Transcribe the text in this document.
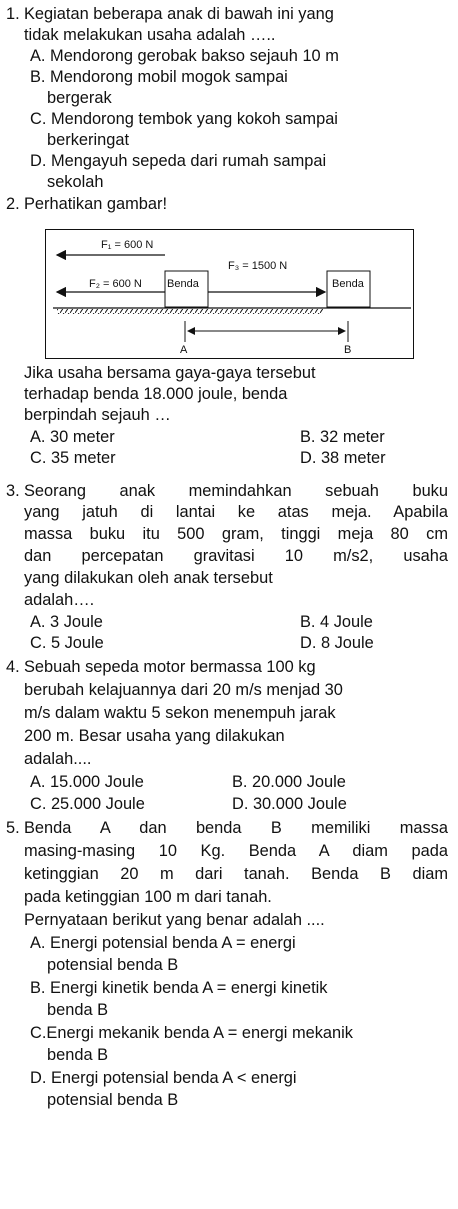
1. Kegiatan beberapa anak di bawah ini yang
tidak melakukan usaha adalah …..
A. Mendorong gerobak bakso sejauh 10 m
B. Mendorong mobil mogok sampai
bergerak
C. Mendorong tembok yang kokoh sampai
berkeringat
D. Mengayuh sepeda dari rumah sampai
sekolah
2. Perhatikan gambar!
F₁ = 600 N
F₂ = 600 N Benda
F₃ = 1500 N
Benda
A	B
Jika usaha bersama gaya-gaya tersebut
terhadap benda 18.000 joule, benda
berpindah sejauh …
A. 30 meter	B. 32 meter
C. 35 meter	D. 38 meter
3. Seorang anak memindahkan sebuah buku
yang jatuh di lantai ke atas meja. Apabila
massa buku itu 500 gram, tinggi meja 80 cm
dan percepatan gravitasi 10 m/s2, usaha
yang dilakukan oleh anak tersebut
adalah….
A. 3 Joule	B. 4 Joule
C. 5 Joule	D. 8 Joule
4. Sebuah sepeda motor bermassa 100 kg
berubah kelajuannya dari 20 m/s menjad 30
m/s dalam waktu 5 sekon menempuh jarak
200 m. Besar usaha yang dilakukan
adalah....
A. 15.000 Joule	B. 20.000 Joule
C. 25.000 Joule	D. 30.000 Joule
5. Benda A dan benda B memiliki massa
masing-masing 10 Kg. Benda A diam pada
ketinggian 20 m dari tanah. Benda B diam
pada ketinggian 100 m dari tanah.
Pernyataan berikut yang benar adalah ....
A. Energi potensial benda A = energi
potensial benda B
B. Energi kinetik benda A = energi kinetik
benda B
C.Energi mekanik benda A = energi mekanik
benda B
D. Energi potensial benda A < energi
potensial benda B
